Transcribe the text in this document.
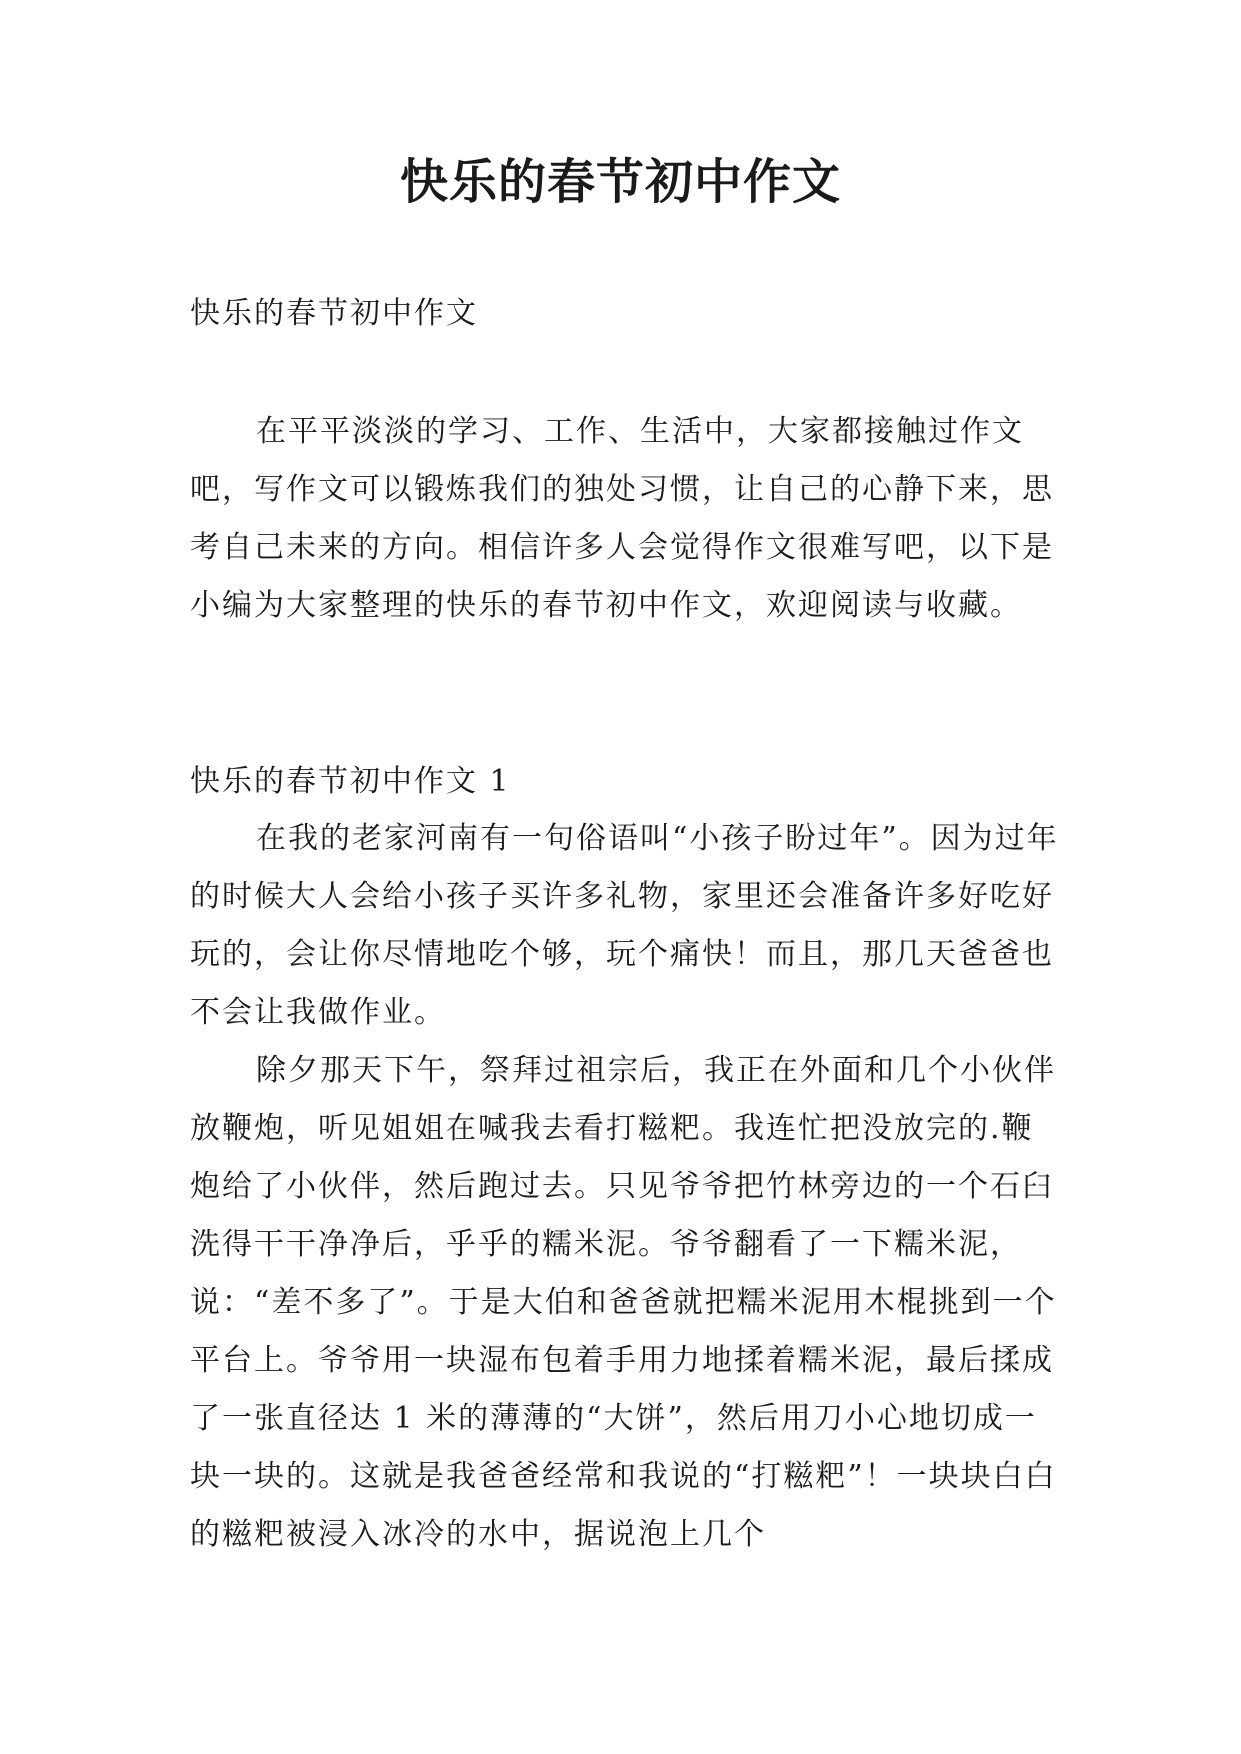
快乐的春节初中作文
快乐的春节初中作文

在平平淡淡的学习、工作、生活中，大家都接触过作文吧，写作文可以锻炼我们的独处习惯，让自己的心静下来，思考自己未来的方向。相信许多人会觉得作文很难写吧，以下是小编为大家整理的快乐的春节初中作文，欢迎阅读与收藏。

快乐的春节初中作文 1

在我的老家河南有一句俗语叫“小孩子盼过年”。因为过年的时候大人会给小孩子买许多礼物，家里还会准备许多好吃好玩的，会让你尽情地吃个够，玩个痛快！而且，那几天爸爸也不会让我做作业。

除夕那天下午，祭拜过祖宗后，我正在外面和几个小伙伴放鞭炮，听见姐姐在喊我去看打糍粑。我连忙把没放完的.鞭炮给了小伙伴，然后跑过去。只见爷爷把竹林旁边的一个石臼洗得干干净净后，乎乎的糯米泥。爷爷翻看了一下糯米泥，说：“差不多了”。于是大伯和爸爸就把糯米泥用木棍挑到一个平台上。爷爷用一块湿布包着手用力地揉着糯米泥，最后揉成了一张直径达 1 米的薄薄的“大饼”，然后用刀小心地切成一块一块的。这就是我爸爸经常和我说的“打糍粑”！一块块白白的糍粑被浸入冰冷的水中，据说泡上几个
